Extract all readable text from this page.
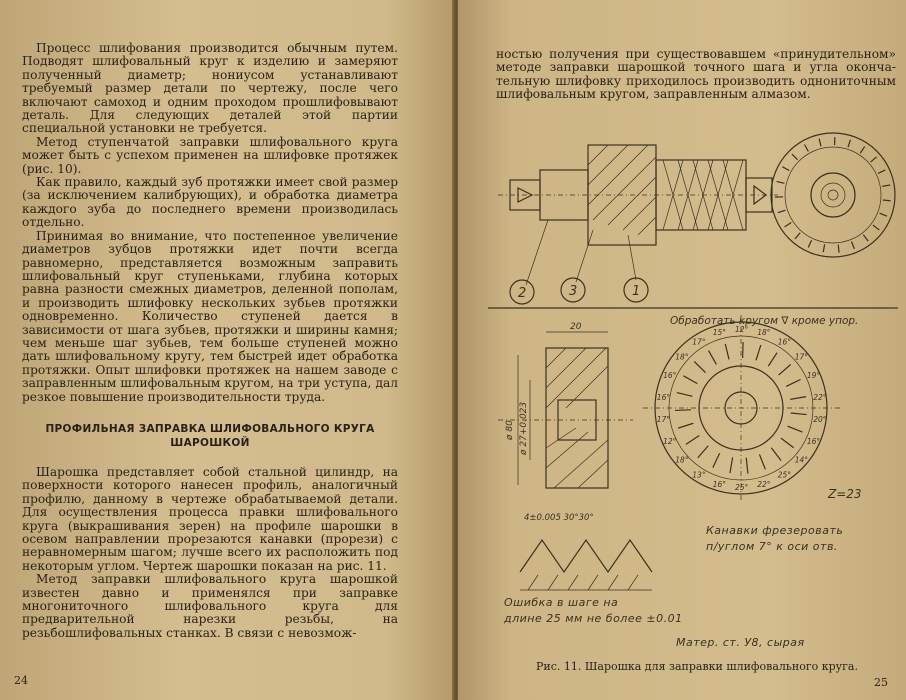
Процесс шлифования производится обычным путем. Подводят шлифовальный круг к изделию и замеряют полученный диаметр; нониусом устанавливают требуемый размер детали по чертежу, после чего включают самоход и одним проходом прошлифовывают деталь. Для следующих деталей этой партии специальной установки не требуется.

Метод ступенчатой заправки шлифовального круга может быть с успехом применен на шлифовке протяжек (рис. 10).

Как правило, каждый зуб протяжки имеет свой размер (за исключением калибрующих), и обработка диаметра каждого зуба до последнего времени производилась отдельно.

Принимая во внимание, что постепенное увеличение диаметров зубцов протяжки идет почти всегда равномерно, представляется возможным заправить шлифовальный круг ступеньками, глубина которых равна разности смежных диаметров, деленной пополам, и производить шлифовку нескольких зубьев протяжки одновременно. Количество ступеней дается в зависимости от шага зубьев, протяжки и ширины камня; чем меньше шаг зубьев, тем больше ступеней можно дать шлифовальному кругу, тем быстрей идет обработка протяжки. Опыт шлифовки протяжек на нашем заводе с заправленным шлифовальным кругом, на три уступа, дал резкое повышение производительности труда.

ПРОФИЛЬНАЯ ЗАПРАВКА ШЛИФОВАЛЬНОГО КРУГА ШАРОШКОЙ

Шарошка представляет собой стальной цилиндр, на поверхности которого нанесен профиль, аналогичный профилю, данному в чертеже обрабатываемой детали. Для осуществления процесса правки шлифовального круга (выкрашивания зерен) на профиле шарошки в осевом направлении прорезаются канавки (прорези) с неравномерным шагом; лучше всего их расположить под некоторым углом. Чертеж шарошки показан на рис. 11.

Метод заправки шлифовального круга шарошкой известен давно и применялся при заправке многониточного шлифовального круга для предварительной нарезки резьбы, на резьбошлифовальных станках. В связи с невозмож-

24

ностью получения при существовавшем «принудительном» методе заправки шарошкой точного шага и угла оконча-тельную шлифовку приходилось производить однониточным шлифовальным кругом, заправленным алмазом.

2	3	1
Обработать кругом ∇ кроме упор.
20
ø 80 ø 27+0.023
12° 18°
16°
17°
19°
22°
20°
16°
14°
25°
22°
25°
16°
13°
18°
12°
17°
16°
16°
18°
17°
15°
Z=23
4±0.005 30°30°
Канавки фрезеровать
п/углом 7° к оси отв.
Ошибка в шаге на
длине 25 мм не более ±0.01
Матер. ст. У8, сырая
Рис. 11. Шарошка для заправки шлифовального круга.
25
